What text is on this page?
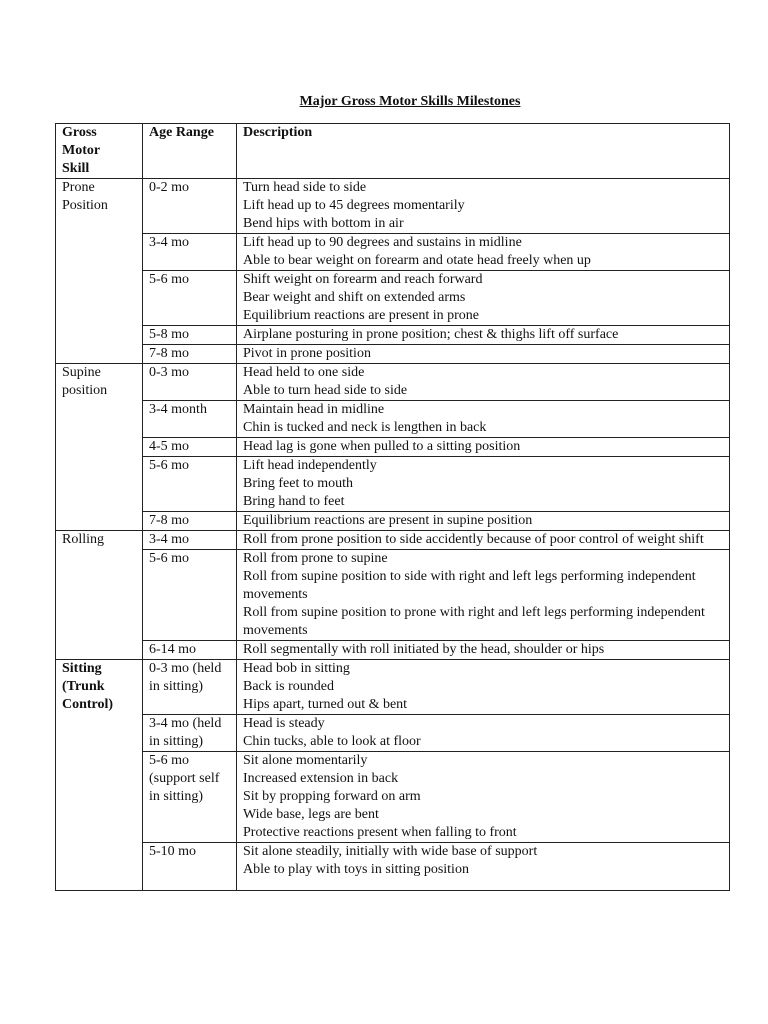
Major Gross Motor Skills Milestones
Gross
Motor
Skill	Age Range	Description

Prone
Position	0-2 mo	Turn head side to side
Lift head up to 45 degrees momentarily
Bend hips with bottom in air

	3-4 mo	Lift head up to 90 degrees and sustains in midline
Able to bear weight on forearm and otate head freely when up

	5-6 mo	Shift weight on forearm and reach forward
Bear weight and shift on extended arms
Equilibrium reactions are present in prone

	5-8 mo	Airplane posturing in prone position; chest & thighs lift off surface

	7-8 mo	Pivot in prone position

Supine
position	0-3 mo	Head held to one side
Able to turn head side to side

	3-4 month	Maintain head in midline
Chin is tucked and neck is lengthen in back

	4-5 mo	Head lag is gone when pulled to a sitting position

	5-6 mo	Lift head independently
Bring feet to mouth
Bring hand to feet

	7-8 mo	Equilibrium reactions are present in supine position

Rolling	3-4 mo	Roll from prone position to side accidently because of poor control of weight shift

	5-6 mo	Roll from prone to supine
Roll from supine position to side with right and left legs performing independent movements
Roll from supine position to prone with right and left legs performing independent movements

	6-14 mo	Roll segmentally with roll initiated by the head, shoulder or hips

Sitting
(Trunk
Control)	0-3 mo (held
in sitting)	Head bob in sitting
Back is rounded
Hips apart, turned out & bent

	3-4 mo (held
in sitting)	Head is steady
Chin tucks, able to look at floor

	5-6 mo
(support self
in sitting)	Sit alone momentarily
Increased extension in back
Sit by propping forward on arm
Wide base, legs are bent
Protective reactions present when falling to front

	5-10 mo	Sit alone steadily, initially with wide base of support
Able to play with toys in sitting position
